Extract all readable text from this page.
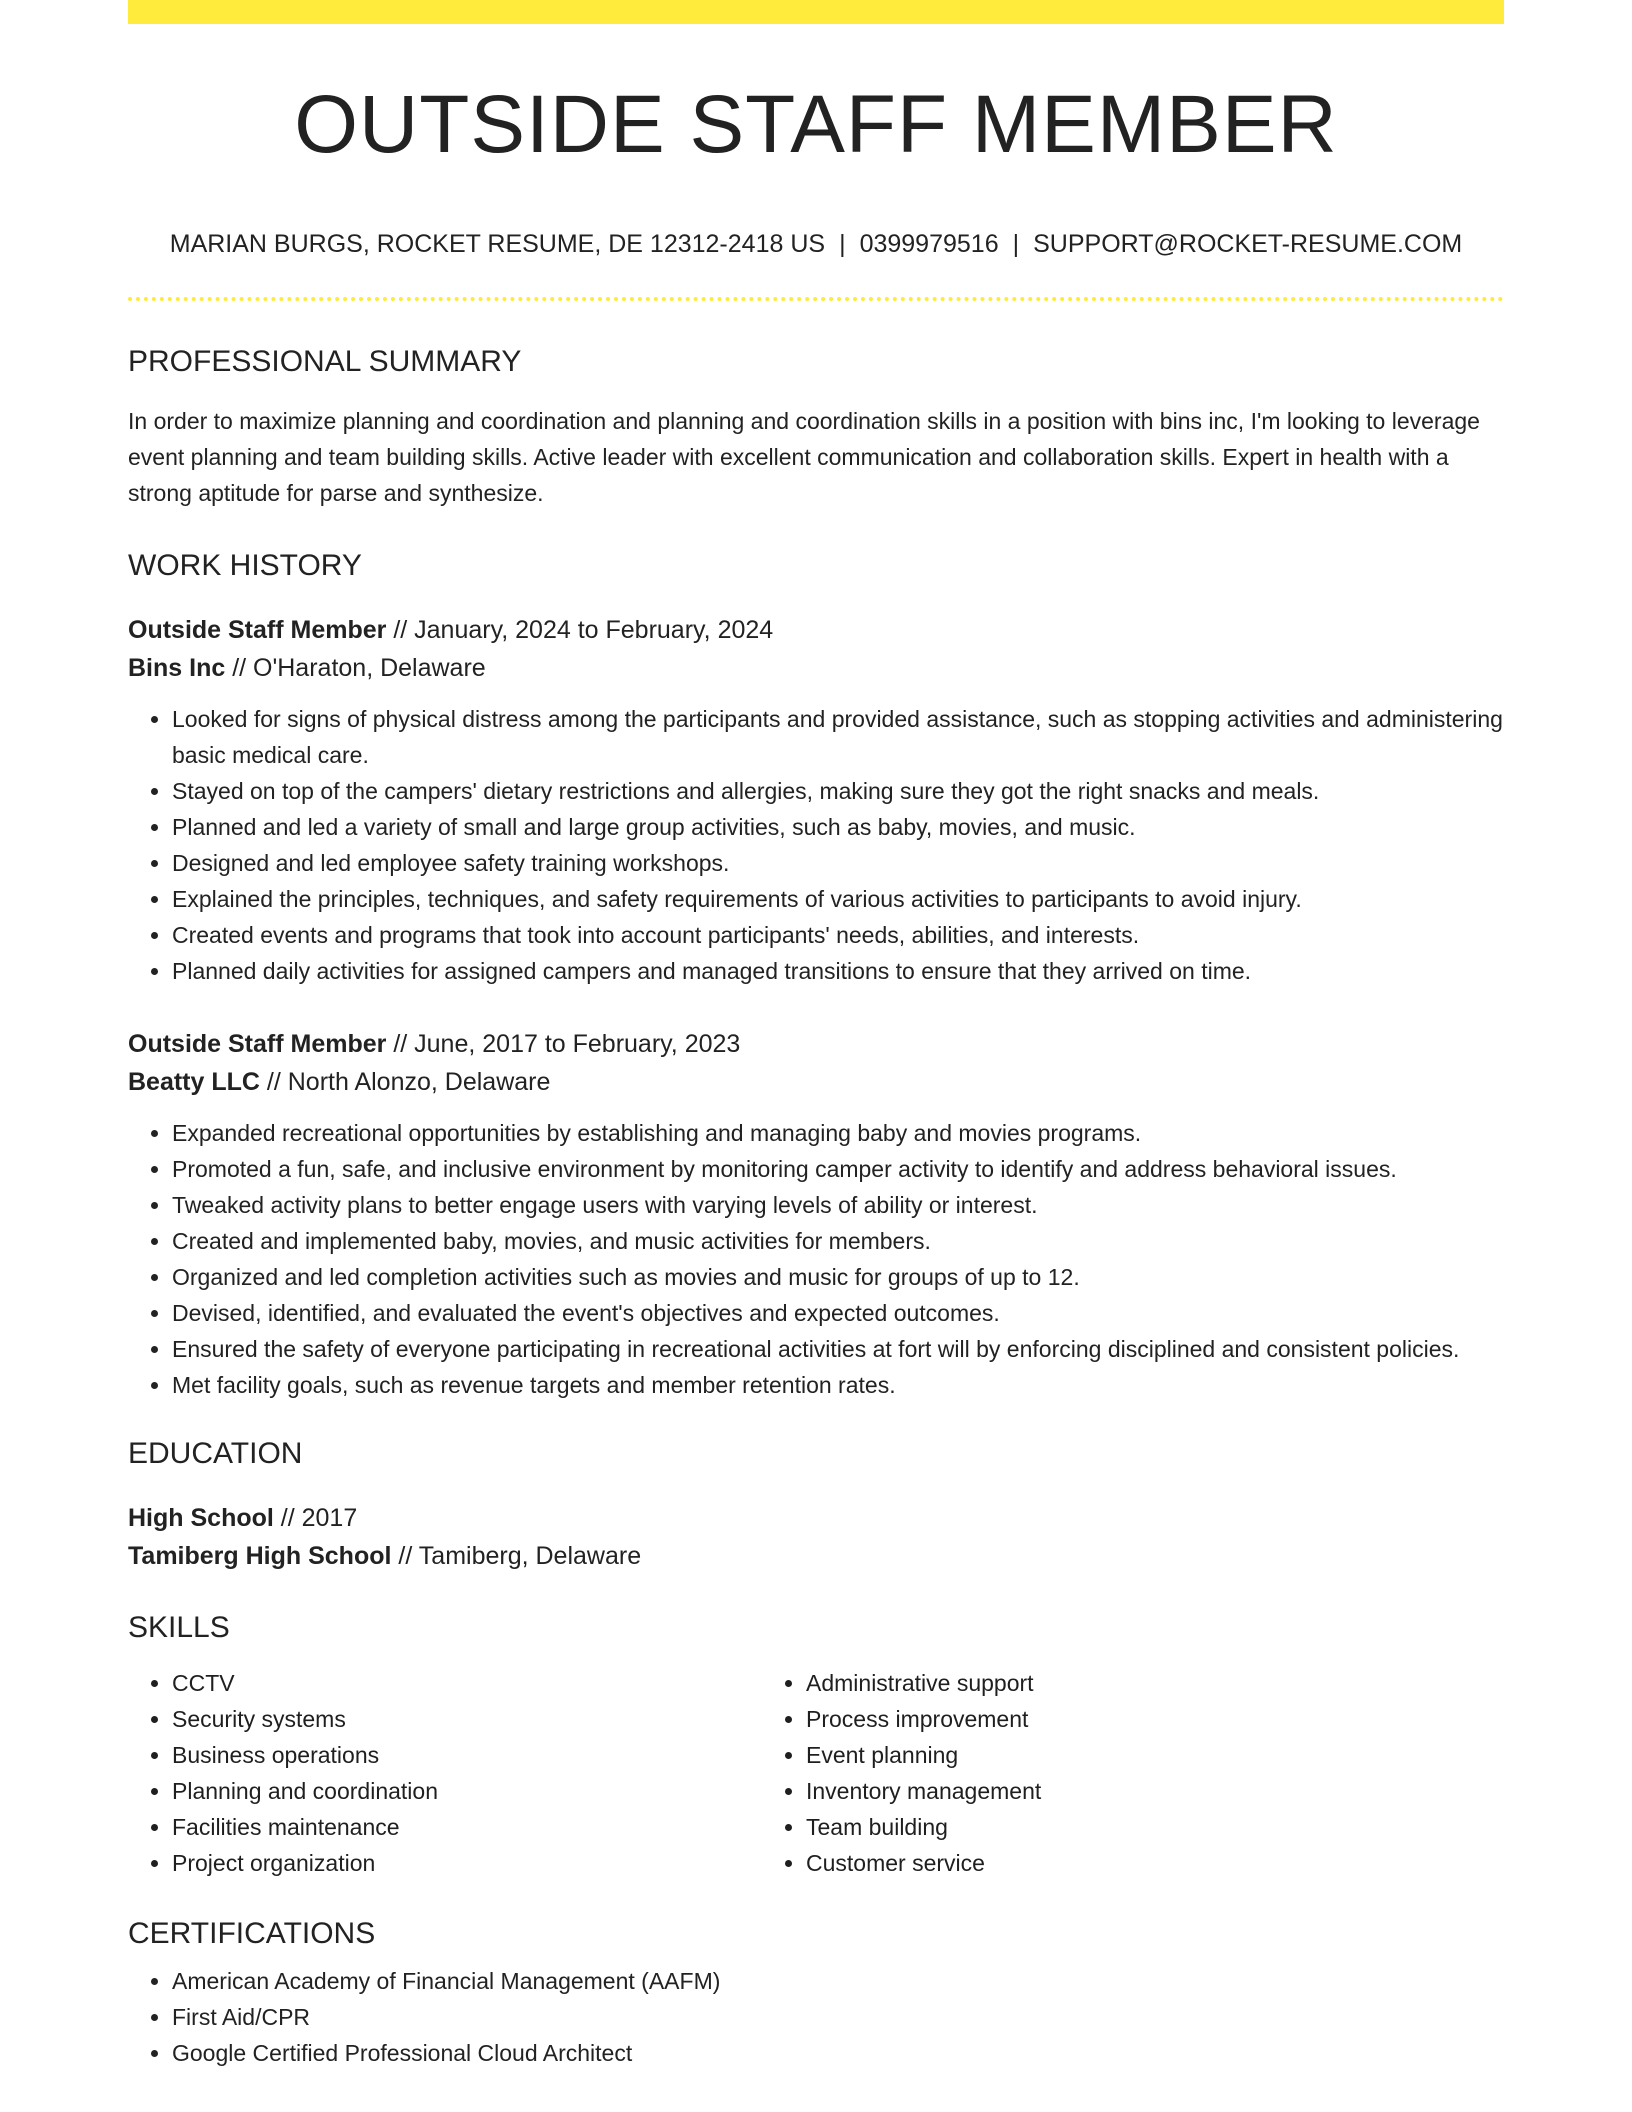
OUTSIDE STAFF MEMBER
MARIAN BURGS, ROCKET RESUME, DE 12312-2418 US | 0399979516 | SUPPORT@ROCKET-RESUME.COM
PROFESSIONAL SUMMARY

In order to maximize planning and coordination and planning and coordination skills in a position with bins inc, I'm looking to leverage event planning and team building skills. Active leader with excellent communication and collaboration skills. Expert in health with a strong aptitude for parse and synthesize.

WORK HISTORY
Outside Staff Member // January, 2024 to February, 2024
Bins Inc // O'Haraton, Delaware
• Looked for signs of physical distress among the participants and provided assistance, such as stopping activities and administering basic medical care.
• Stayed on top of the campers' dietary restrictions and allergies, making sure they got the right snacks and meals.
• Planned and led a variety of small and large group activities, such as baby, movies, and music.
• Designed and led employee safety training workshops.
• Explained the principles, techniques, and safety requirements of various activities to participants to avoid injury.
• Created events and programs that took into account participants' needs, abilities, and interests.
• Planned daily activities for assigned campers and managed transitions to ensure that they arrived on time.
Outside Staff Member // June, 2017 to February, 2023
Beatty LLC // North Alonzo, Delaware
• Expanded recreational opportunities by establishing and managing baby and movies programs.
• Promoted a fun, safe, and inclusive environment by monitoring camper activity to identify and address behavioral issues.
• Tweaked activity plans to better engage users with varying levels of ability or interest.
• Created and implemented baby, movies, and music activities for members.
• Organized and led completion activities such as movies and music for groups of up to 12.
• Devised, identified, and evaluated the event's objectives and expected outcomes.
• Ensured the safety of everyone participating in recreational activities at fort will by enforcing disciplined and consistent policies.
• Met facility goals, such as revenue targets and member retention rates.
EDUCATION
High School // 2017
Tamiberg High School // Tamiberg, Delaware
SKILLS
• CCTV
• Security systems
• Business operations
• Planning and coordination
• Facilities maintenance
• Project organization
• Administrative support
• Process improvement
• Event planning
• Inventory management
• Team building
• Customer service
CERTIFICATIONS
• American Academy of Financial Management (AAFM)
• First Aid/CPR
• Google Certified Professional Cloud Architect
